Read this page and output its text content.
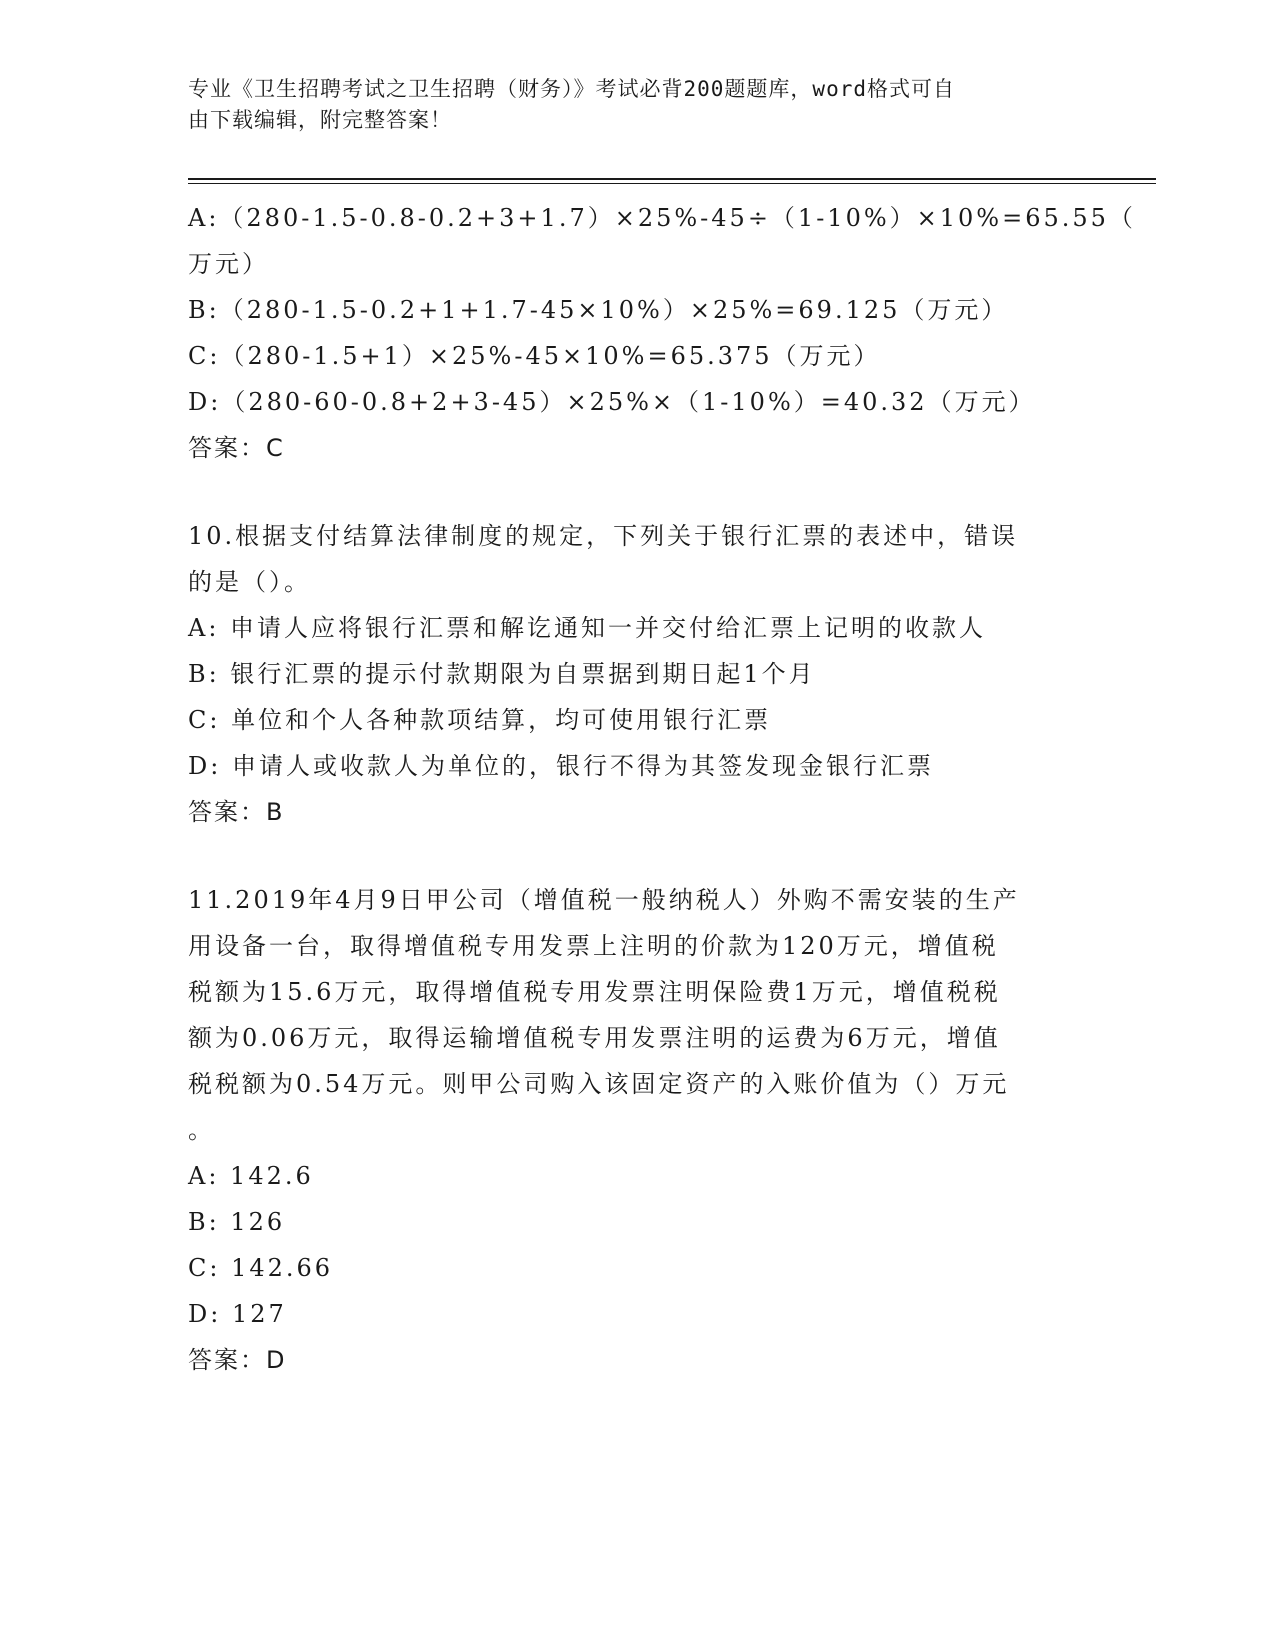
专业《卫生招聘考试之卫生招聘（财务）》考试必背200题题库，word格式可自
由下载编辑，附完整答案！
A:（280-1.5-0.8-0.2+3+1.7）×25%-45÷（1-10%）×10%=65.55（
万元）
B:（280-1.5-0.2+1+1.7-45×10%）×25%=69.125（万元）
C:（280-1.5+1）×25%-45×10%=65.375（万元）
D:（280-60-0.8+2+3-45）×25%×（1-10%）=40.32（万元）
答案：C
10.根据支付结算法律制度的规定，下列关于银行汇票的表述中，错误
的是（）。
A: 申请人应将银行汇票和解讫通知一并交付给汇票上记明的收款人
B: 银行汇票的提示付款期限为自票据到期日起1个月
C: 单位和个人各种款项结算，均可使用银行汇票
D: 申请人或收款人为单位的，银行不得为其签发现金银行汇票
答案：B
11.2019年4月9日甲公司（增值税一般纳税人）外购不需安装的生产
用设备一台，取得增值税专用发票上注明的价款为120万元，增值税
税额为15.6万元，取得增值税专用发票注明保险费1万元，增值税税
额为0.06万元，取得运输增值税专用发票注明的运费为6万元，增值
税税额为0.54万元。则甲公司购入该固定资产的入账价值为（）万元
。
A: 142.6
B: 126
C: 142.66
D: 127
答案：D
